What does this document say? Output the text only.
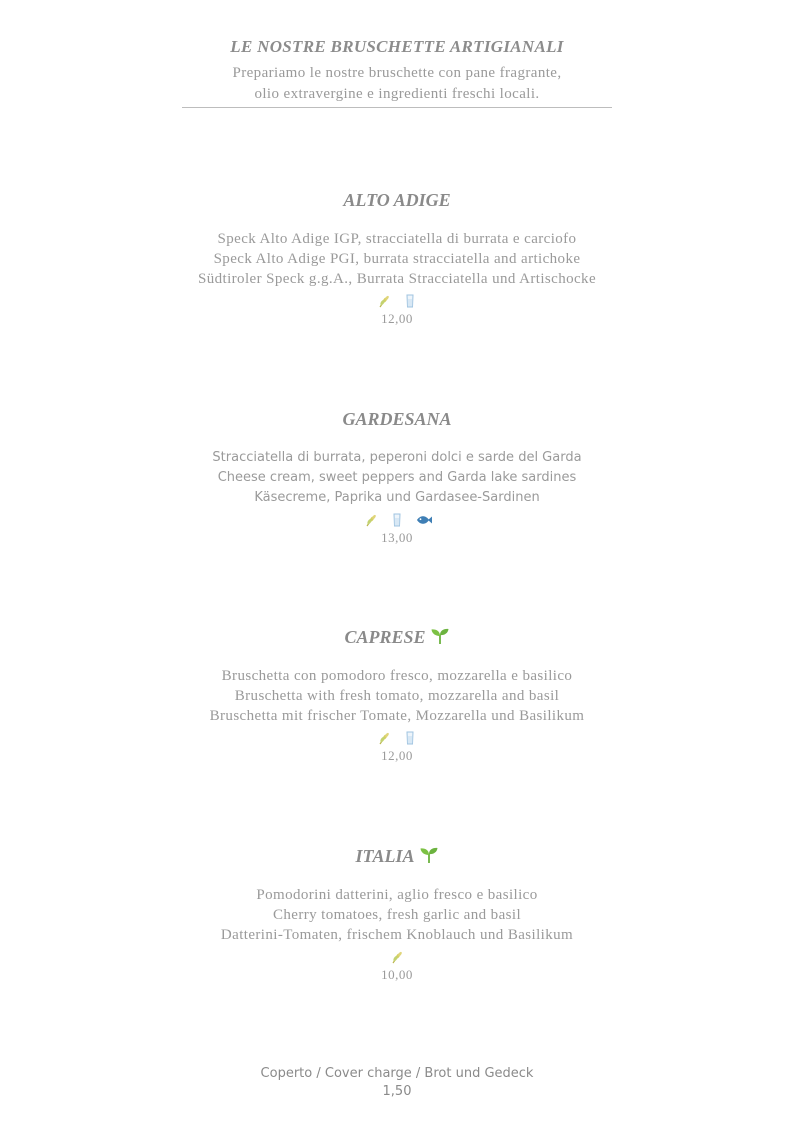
LE NOSTRE BRUSCHETTE ARTIGIANALI
Prepariamo le nostre bruschette con pane fragrante,
olio extravergine e ingredienti freschi locali.
ALTO ADIGE
Speck Alto Adige IGP, stracciatella di burrata e carciofo
Speck Alto Adige PGI, burrata stracciatella and artichoke
Südtiroler Speck g.g.A., Burrata Stracciatella und Artischocke
12,00
GARDESANA
Stracciatella di burrata, peperoni dolci e sarde del Garda
Cheese cream, sweet peppers and Garda lake sardines
Käsecreme, Paprika und Gardasee-Sardinen
13,00
CAPRESE
Bruschetta con pomodoro fresco, mozzarella e basilico
Bruschetta with fresh tomato, mozzarella and basil
Bruschetta mit frischer Tomate, Mozzarella und Basilikum
12,00
ITALIA
Pomodorini datterini, aglio fresco e basilico
Cherry tomatoes, fresh garlic and basil
Datterini-Tomaten, frischem Knoblauch und Basilikum
10,00
Coperto / Cover charge / Brot und Gedeck
1,50
